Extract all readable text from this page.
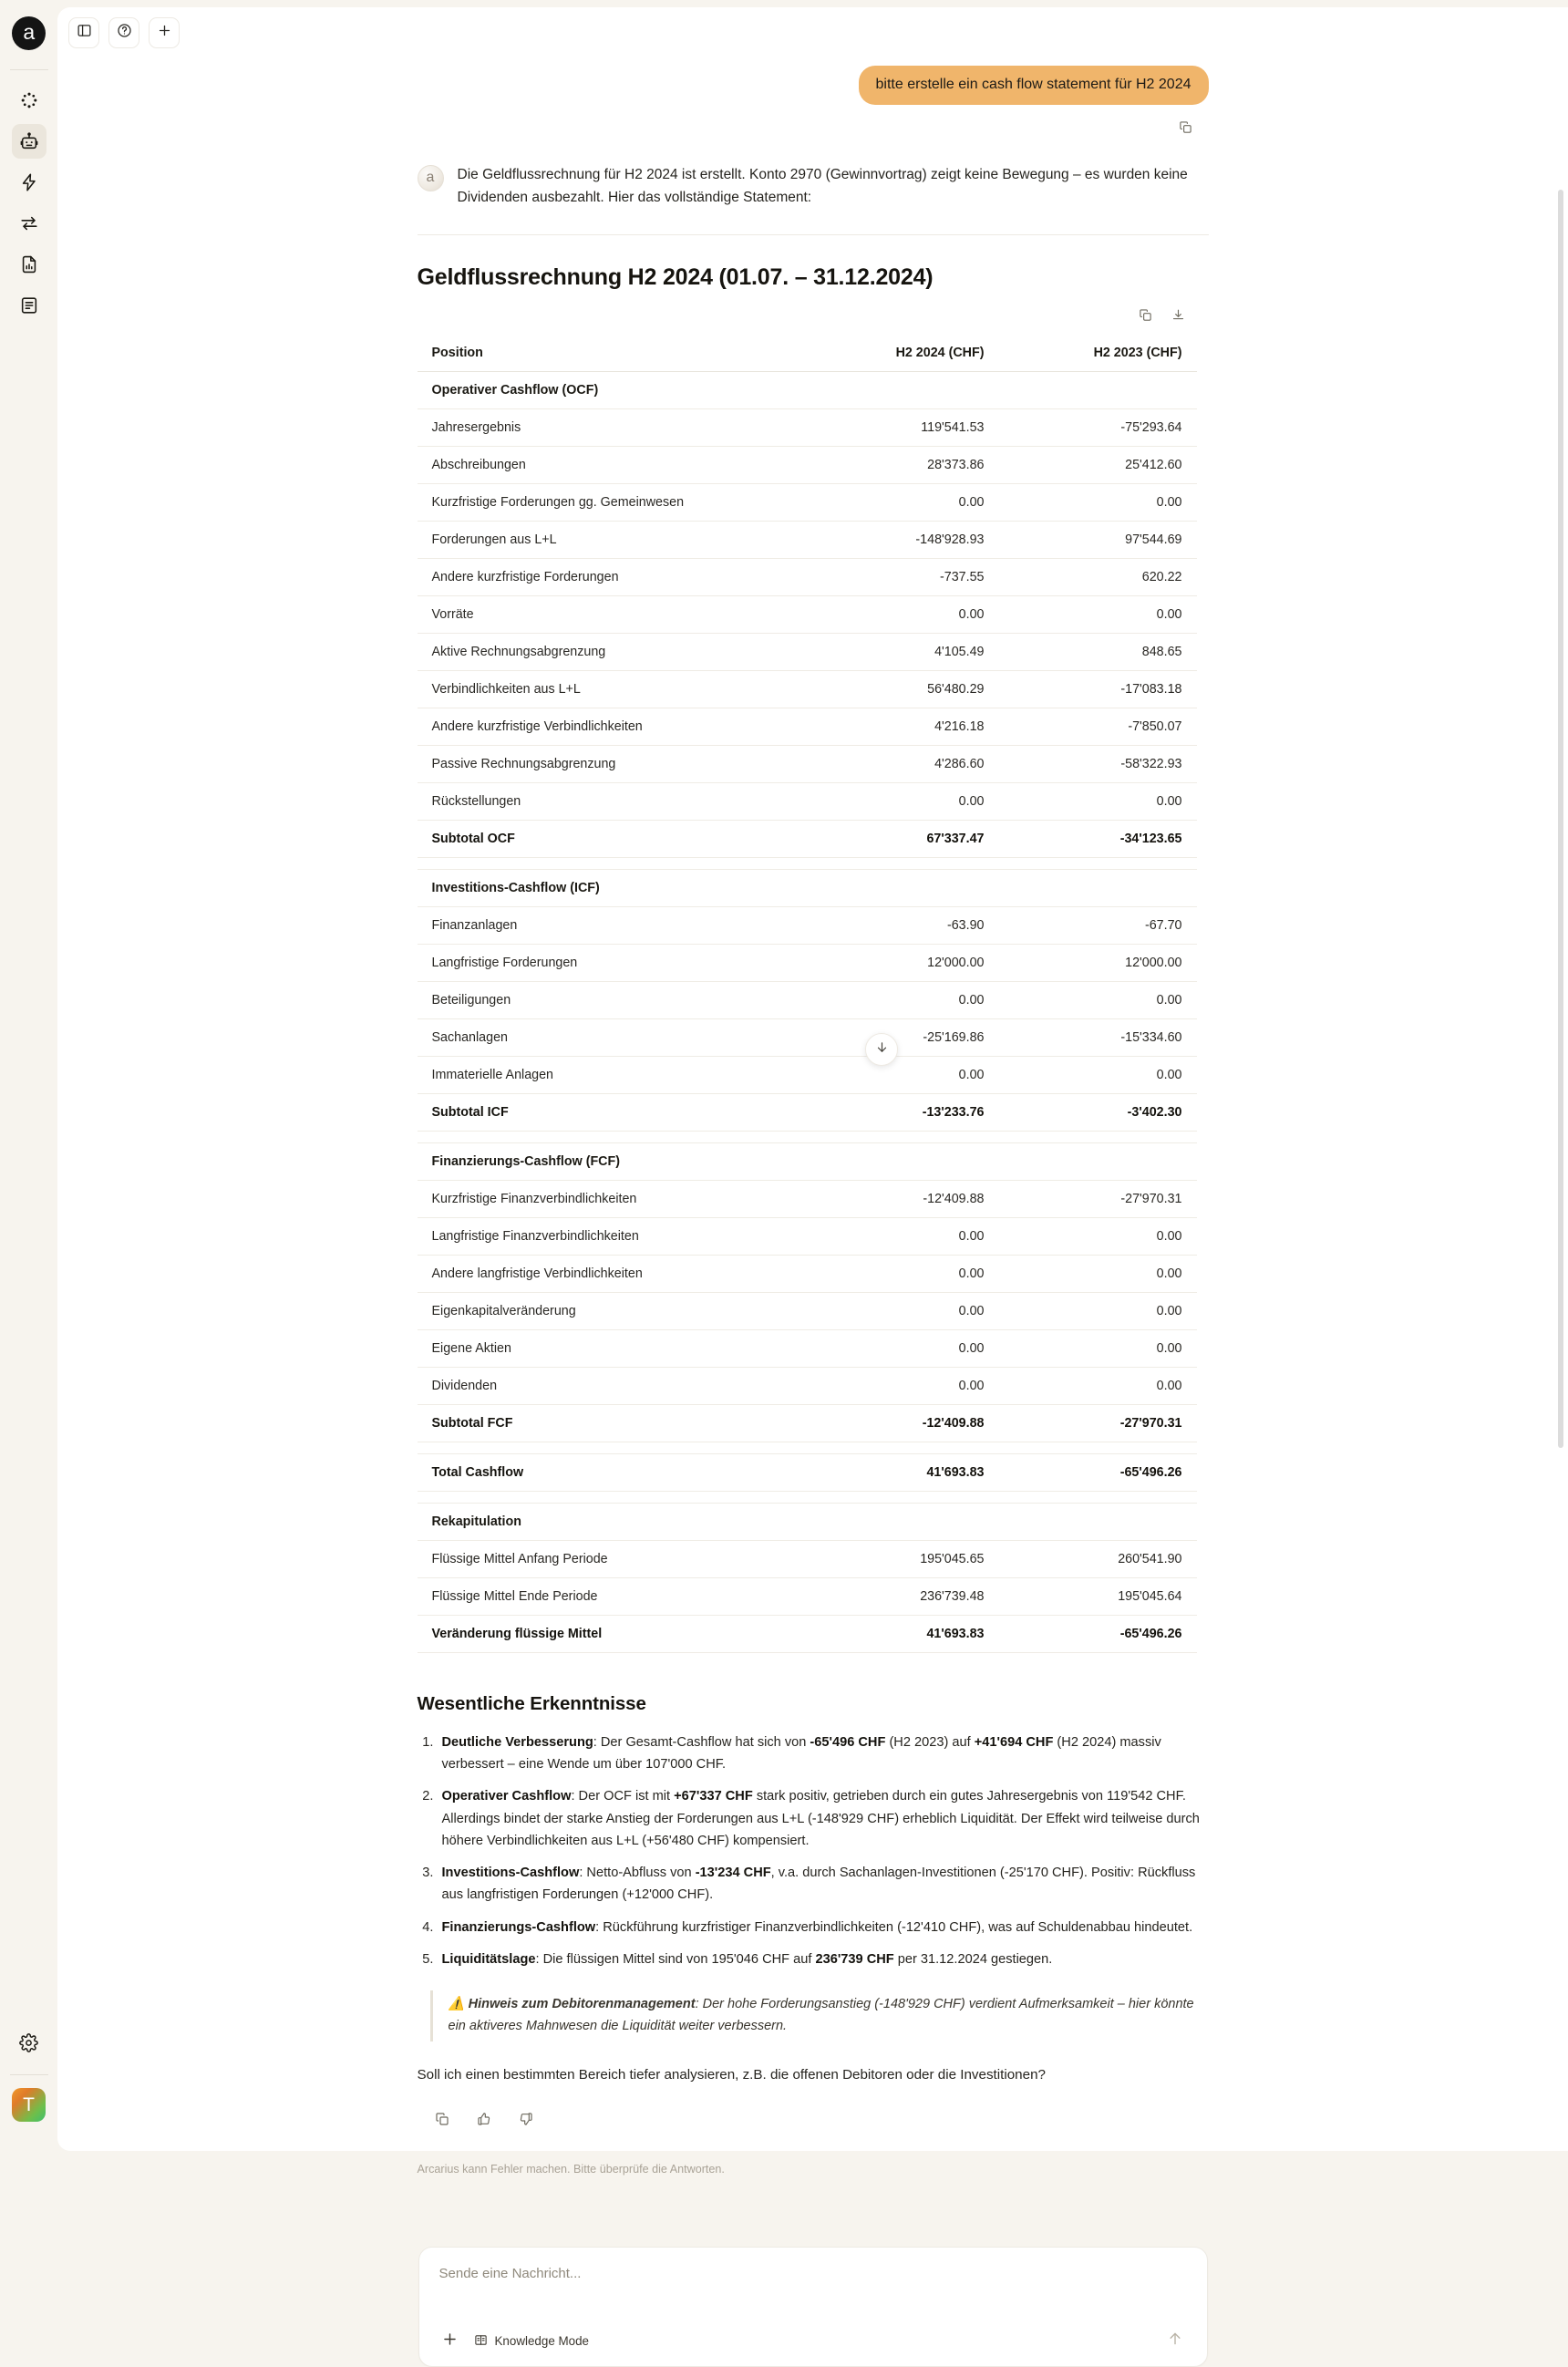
a
T
bitte erstelle ein cash flow statement für H2 2024
a	Die Geldflussrechnung für H2 2024 ist erstellt. Konto 2970 (Gewinnvortrag) zeigt keine Bewegung – es wurden keine Dividenden ausbezahlt. Hier das vollständige Statement:
Geldflussrechnung H2 2024 (01.07. – 31.12.2024)
Position	H2 2024 (CHF)	H2 2023 (CHF)
Operativer Cashflow (OCF)		
Jahresergebnis	119'541.53	-75'293.64
Abschreibungen	28'373.86	25'412.60
Kurzfristige Forderungen gg. Gemeinwesen	0.00	0.00
Forderungen aus L+L	-148'928.93	97'544.69
Andere kurzfristige Forderungen	-737.55	620.22
Vorräte	0.00	0.00
Aktive Rechnungsabgrenzung	4'105.49	848.65
Verbindlichkeiten aus L+L	56'480.29	-17'083.18
Andere kurzfristige Verbindlichkeiten	4'216.18	-7'850.07
Passive Rechnungsabgrenzung	4'286.60	-58'322.93
Rückstellungen	0.00	0.00
Subtotal OCF	67'337.47	-34'123.65

Investitions-Cashflow (ICF)		
Finanzanlagen	-63.90	-67.70
Langfristige Forderungen	12'000.00	12'000.00
Beteiligungen	0.00	0.00
Sachanlagen	-25'169.86	-15'334.60
Immaterielle Anlagen	0.00	0.00
Subtotal ICF	-13'233.76	-3'402.30

Finanzierungs-Cashflow (FCF)		
Kurzfristige Finanzverbindlichkeiten	-12'409.88	-27'970.31
Langfristige Finanzverbindlichkeiten	0.00	0.00
Andere langfristige Verbindlichkeiten	0.00	0.00
Eigenkapitalveränderung	0.00	0.00
Eigene Aktien	0.00	0.00
Dividenden	0.00	0.00
Subtotal FCF	-12'409.88	-27'970.31

Total Cashflow	41'693.83	-65'496.26

Rekapitulation		
Flüssige Mittel Anfang Periode	195'045.65	260'541.90
Flüssige Mittel Ende Periode	236'739.48	195'045.64
Veränderung flüssige Mittel	41'693.83	-65'496.26
Wesentliche Erkenntnisse
1. Deutliche Verbesserung: Der Gesamt-Cashflow hat sich von -65'496 CHF (H2 2023) auf +41'694 CHF (H2 2024) massiv verbessert – eine Wende um über 107'000 CHF.
2. Operativer Cashflow: Der OCF ist mit +67'337 CHF stark positiv, getrieben durch ein gutes Jahresergebnis von 119'542 CHF. Allerdings bindet der starke Anstieg der Forderungen aus L+L (-148'929 CHF) erheblich Liquidität. Der Effekt wird teilweise durch höhere Verbindlichkeiten aus L+L (+56'480 CHF) kompensiert.
3. Investitions-Cashflow: Netto-Abfluss von -13'234 CHF, v.a. durch Sachanlagen-Investitionen (-25'170 CHF). Positiv: Rückfluss aus langfristigen Forderungen (+12'000 CHF).
4. Finanzierungs-Cashflow: Rückführung kurzfristiger Finanzverbindlichkeiten (-12'410 CHF), was auf Schuldenabbau hindeutet.
5. Liquiditätslage: Die flüssigen Mittel sind von 195'046 CHF auf 236'739 CHF per 31.12.2024 gestiegen.
⚠️ Hinweis zum Debitorenmanagement: Der hohe Forderungsanstieg (-148'929 CHF) verdient Aufmerksamkeit – hier könnte ein aktiveres Mahnwesen die Liquidität weiter verbessern.

Soll ich einen bestimmten Bereich tiefer analysieren, z.B. die offenen Debitoren oder die Investitionen?

Arcarius kann Fehler machen. Bitte überprüfe die Antworten.

Sende eine Nachricht...
Knowledge Mode
